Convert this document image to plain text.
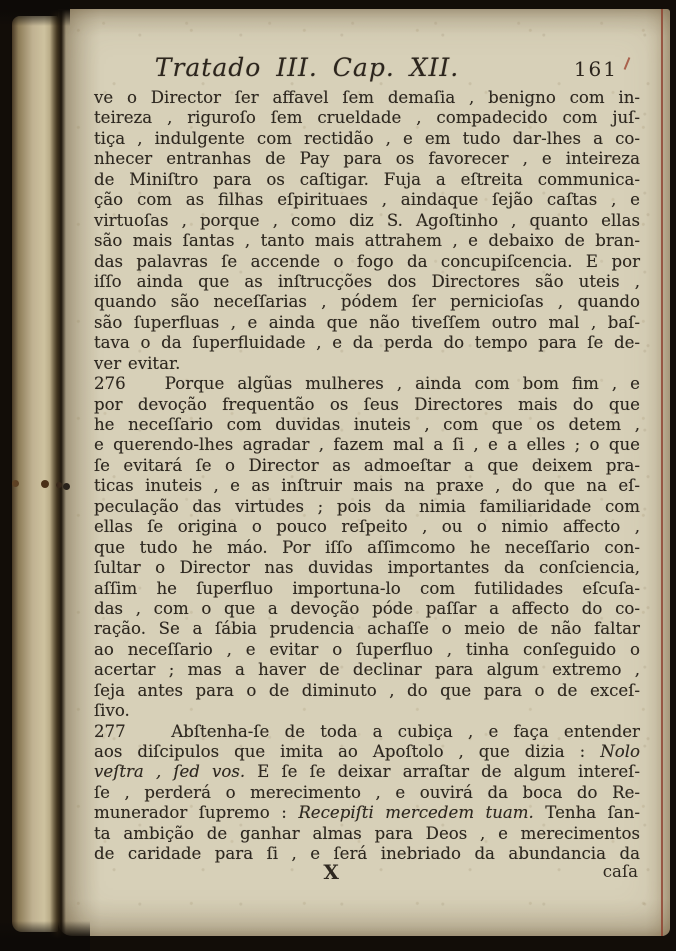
Tratado III. Cap. XII.	161
ve o Director ſer affavel ſem demaſia , benigno com in-
teireza , riguroſo ſem crueldade , compadecido com juſ-
tiça , indulgente com rectidão , e em tudo dar-lhes a co-
nhecer entranhas de Pay para os favorecer , e inteireza
de Miniſtro para os caſtigar. Fuja a eſtreita communica-
ção com as filhas eſpirituaes , aindaque ſejão caſtas , e
virtuoſas , porque , como diz S. Agoſtinho , quanto ellas
são mais ſantas , tanto mais attrahem , e debaixo de bran-
das palavras ſe accende o fogo da concupiſcencia. E por
iſſo ainda que as inſtrucções dos Directores são uteis ,
quando são neceſſarias , pódem ſer pernicioſas , quando
são ſuperfluas , e ainda que não tiveſſem outro mal , baſ-
tava o da ſuperfluidade , e da perda do tempo para ſe de-
ver evitar.
276   Porque algũas mulheres , ainda com bom fim , e
por devoção frequentão os ſeus Directores mais do que
he neceſſario com duvidas inuteis , com que os detem ,
e querendo-lhes agradar , fazem mal a ſi , e a elles ; o que
ſe evitará ſe o Director as admoeſtar a que deixem pra-
ticas inuteis , e as inſtruir mais na praxe , do que na eſ-
peculação das virtudes ; pois da nimia familiaridade com
ellas ſe origina o pouco reſpeito , ou o nimio affecto ,
que tudo he máo. Por iſſo aſſimcomo he neceſſario con-
ſultar o Director nas duvidas importantes da conſciencia,
aſſim he ſuperfluo importuna-lo com futilidades eſcuſa-
das , com o que a devoção póde paſſar a affecto do co-
ração. Se a ſábia prudencia achaſſe o meio de não faltar
ao neceſſario , e evitar o ſuperfluo , tinha conſeguido o
acertar ; mas a haver de declinar para algum extremo ,
ſeja antes para o de diminuto , do que para o de exceſ-
ſivo.
277   Abſtenha-ſe de toda a cubiça , e faça entender
aos diſcipulos que imita ao Apoſtolo , que dizia : Nolo
veſtra , ſed vos. E ſe ſe deixar arraſtar de algum intereſ-
ſe , perderá o merecimento , e ouvirá da boca do Re-
munerador ſupremo : Recepiſti mercedem tuam. Tenha ſan-
ta ambição de ganhar almas para Deos , e merecimentos
de caridade para ſi , e ſerá inebriado da abundancia da
X	caſa
